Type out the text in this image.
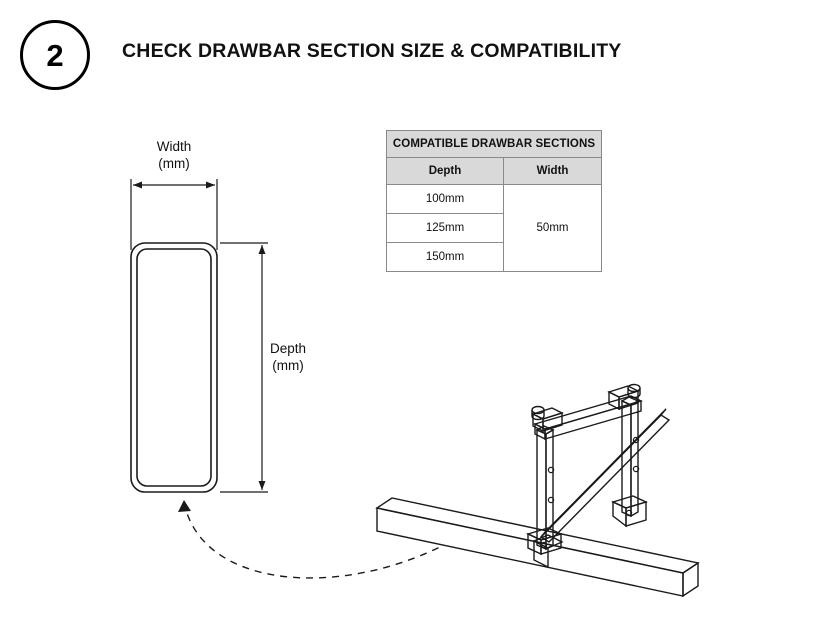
2	CHECK DRAWBAR SECTION SIZE & COMPATIBILITY
COMPATIBLE DRAWBAR SECTIONS	
Depth	Width
100mm	50mm
125mm	
150mm	
Width
(mm)
Depth
(mm)
